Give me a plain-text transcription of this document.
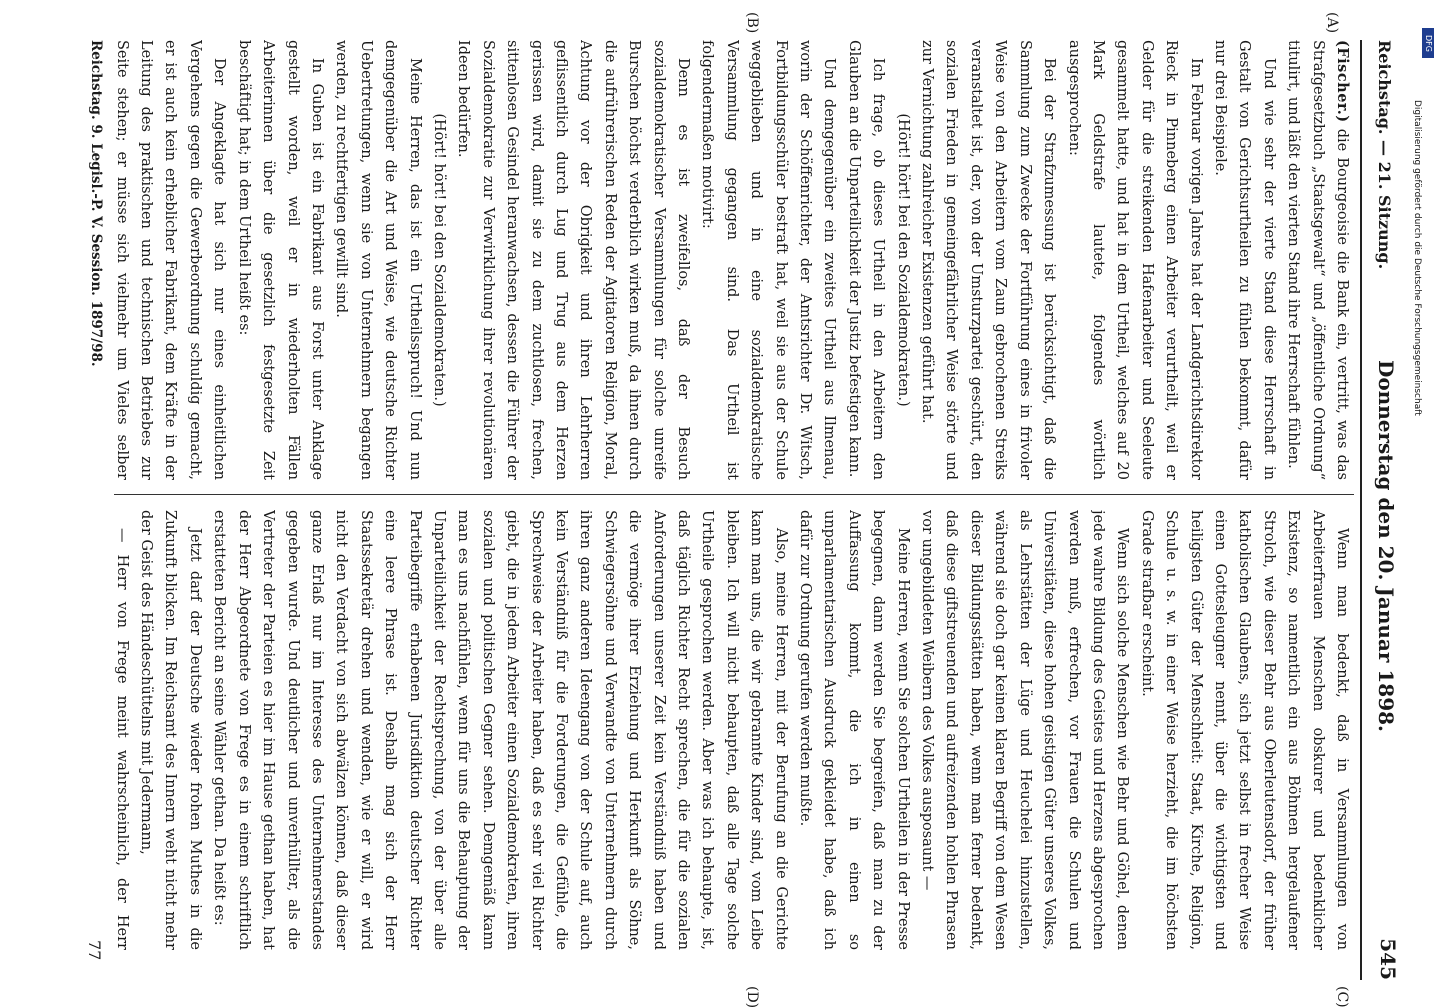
DFG
Digitalisierung gefördert durch die Deutsche Forschungsgemeinschaft
Reichstag. — 21. Sitzung.
Donnerstag den 20. Januar 1898.
545
(A)
(B)
(C)
(D)

(Fischer.) die Bourgeoisie die Bank ein, vertritt, was das Strafgesetzbuch „Staatsgewalt“ und „öffentliche Ordnung“ titulirt, und läßt den vierten Stand ihre Herrschaft fühlen.

Und wie sehr der vierte Stand diese Herrschaft in Gestalt von Gerichtsurtheilen zu fühlen bekommt, dafür nur drei Beispiele.

Im Februar vorigen Jahres hat der Landgerichtsdirektor Rieck in Pinneberg einen Arbeiter verurtheilt, weil er Gelder für die streikenden Hafenarbeiter und Seeleute gesammelt hatte, und hat in dem Urtheil, welches auf 20 Mark Geldstrafe lautete, folgendes wörtlich ausgesprochen:

Bei der Strafzumessung ist berücksichtigt, daß die Sammlung zum Zwecke der Fortführung eines in frivoler Weise von den Arbeitern vom Zaun gebrochenen Streiks veranstaltet ist, der, von der Umsturzpartei geschürt, den sozialen Frieden in gemeingefährlicher Weise störte und zur Vernichtung zahlreicher Existenzen geführt hat.

(Hört! hört! bei den Sozialdemokraten.)

Ich frage, ob dieses Urtheil in den Arbeitern den Glauben an die Unparteilichkeit der Justiz befestigen kann.

Und demgegenüber ein zweites Urtheil aus Ilmenau, worin der Schöffenrichter, der Amtsrichter Dr. Witsch, Fortbildungsschüler bestraft hat, weil sie aus der Schule weggeblieben und in eine sozialdemokratische Versammlung gegangen sind. Das Urtheil ist folgendermaßen motivirt:

Denn es ist zweifellos, daß der Besuch sozialdemokratischer Versammlungen für solche unreife Burschen höchst verderblich wirken muß, da ihnen durch die aufrührerischen Reden der Agitatoren Religion, Moral, Achtung vor der Obrigkeit und ihren Lehrherren geflissentlich durch Lug und Trug aus dem Herzen gerissen wird, damit sie zu dem zuchtlosen, frechen, sittenlosen Gesindel heranwachsen, dessen die Führer der Sozialdemokratie zur Verwirklichung ihrer revolutionären Ideen bedürfen.

(Hört! hört! bei den Sozialdemokraten.)

Meine Herren, das ist ein Urtheilsspruch! Und nun demgegenüber die Art und Weise, wie deutsche Richter Uebertretungen, wenn sie von Unternehmern begangen werden, zu rechtfertigen gewillt sind.

In Guben ist ein Fabrikant aus Forst unter Anklage gestellt worden, weil er in wiederholten Fällen Arbeiterinnen über die gesetzlich festgesetzte Zeit beschäftigt hat; in dem Urtheil heißt es:

Der Angeklagte hat sich nur eines einheitlichen Vergehens gegen die Gewerbeordnung schuldig gemacht, er ist auch kein erheblicher Fabrikant, dem Kräfte in der Leitung des praktischen und technischen Betriebes zur Seite stehen; er müsse sich vielmehr um Vieles selber

Wenn man bedenkt, daß in Versammlungen von Arbeiterfrauen Menschen obskurer und bedenklicher Existenz, so namentlich ein aus Böhmen hergelaufener Strolch, wie dieser Behr aus Oberleutensdorf, der früher katholischen Glaubens, sich jetzt selbst in frecher Weise einen Gottesleugner nennt, über die wichtigsten und heiligsten Güter der Menschheit: Staat, Kirche, Religion, Schule u. s. w. in einer Weise herzieht, die im höchsten Grade strafbar erscheint.

Wenn sich solche Menschen wie Behr und Göhel, denen jede wahre Bildung des Geistes und Herzens abgesprochen werden muß, erfrechen, vor Frauen die Schulen und Universitäten, diese hohen geistigen Güter unseres Volkes, als Lehrstätten der Lüge und Heuchelei hinzustellen, während sie doch gar keinen klaren Begriff von dem Wesen dieser Bildungsstätten haben, wenn man ferner bedenkt, daß diese giftstreuenden und aufreizenden hohlen Phrasen vor ungebildeten Weibern des Volkes ausposaunt —

Meine Herren, wenn Sie solchen Urtheilen in der Presse begegnen, dann werden Sie begreifen, daß man zu der Auffassung kommt, die ich in einen so unparlamentarischen Ausdruck gekleidet habe, daß ich dafür zur Ordnung gerufen werden mußte.

Also, meine Herren, mit der Berufung an die Gerichte kann man uns, die wir gebrannte Kinder sind, vom Leibe bleiben. Ich will nicht behaupten, daß alle Tage solche Urtheile gesprochen werden. Aber was ich behaupte, ist, daß täglich Richter Recht sprechen, die für die sozialen Anforderungen unserer Zeit kein Verständniß haben und die vermöge ihrer Erziehung und Herkunft als Söhne, Schwiegersöhne und Verwandte von Unternehmern durch ihren ganz anderen Ideengang von der Schule auf, auch kein Verständniß für die Forderungen, die Gefühle, die Sprechweise der Arbeiter haben, daß es sehr viel Richter giebt, die in jedem Arbeiter einen Sozialdemokraten, ihren sozialen und politischen Gegner sehen. Demgemäß kann man es uns nachfühlen, wenn für uns die Behauptung der Unparteilichkeit der Rechtsprechung, von der über alle Parteibegriffe erhabenen Jurisdiktion deutscher Richter eine leere Phrase ist. Deshalb mag sich der Herr Staatssekretär drehen und wenden, wie er will, er wird nicht den Verdacht von sich abwälzen können, daß dieser ganze Erlaß nur im Interesse des Unternehmerstandes gegeben wurde. Und deutlicher und unverhüllter, als die Vertreter der Parteien es hier im Hause gethan haben, hat der Herr Abgeordnete von Frege es in einem schriftlich erstatteten Bericht an seine Wähler gethan. Da heißt es:

Jetzt darf der Deutsche wieder frohen Muthes in die Zukunft blicken. Im Reichsamt des Innern weht nicht mehr der Geist des Händeschüttelns mit Jedermann,

— Herr von Frege meint wahrscheinlich, der Herr

Reichstag. 9. Legisl.-P. V. Session. 1897/98.
77
